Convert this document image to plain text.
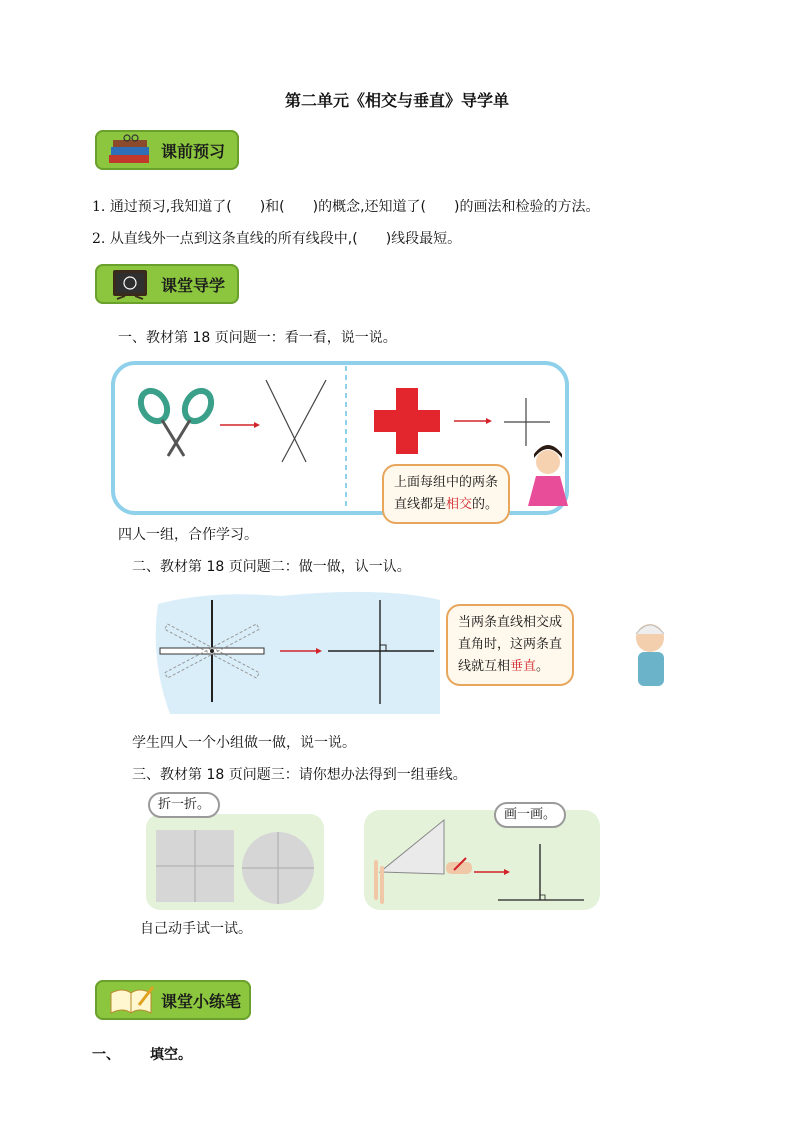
第二单元《相交与垂直》导学单
课前预习
1. 通过预习,我知道了(　　)和(　　)的概念,还知道了(　　)的画法和检验的方法。
2. 从直线外一点到这条直线的所有线段中,(　　)线段最短。
课堂导学
一、教材第 18 页问题一：看一看，说一说。
上面每组中的两条
直线都是相交的。
四人一组，合作学习。
二、教材第 18 页问题二：做一做，认一认。
当两条直线相交成
直角时，这两条直
线就互相垂直。
学生四人一个小组做一做，说一说。
三、教材第 18 页问题三：请你想办法得到一组垂线。
折一折。
画一画。
自己动手试一试。
课堂小练笔
一、 填空。
